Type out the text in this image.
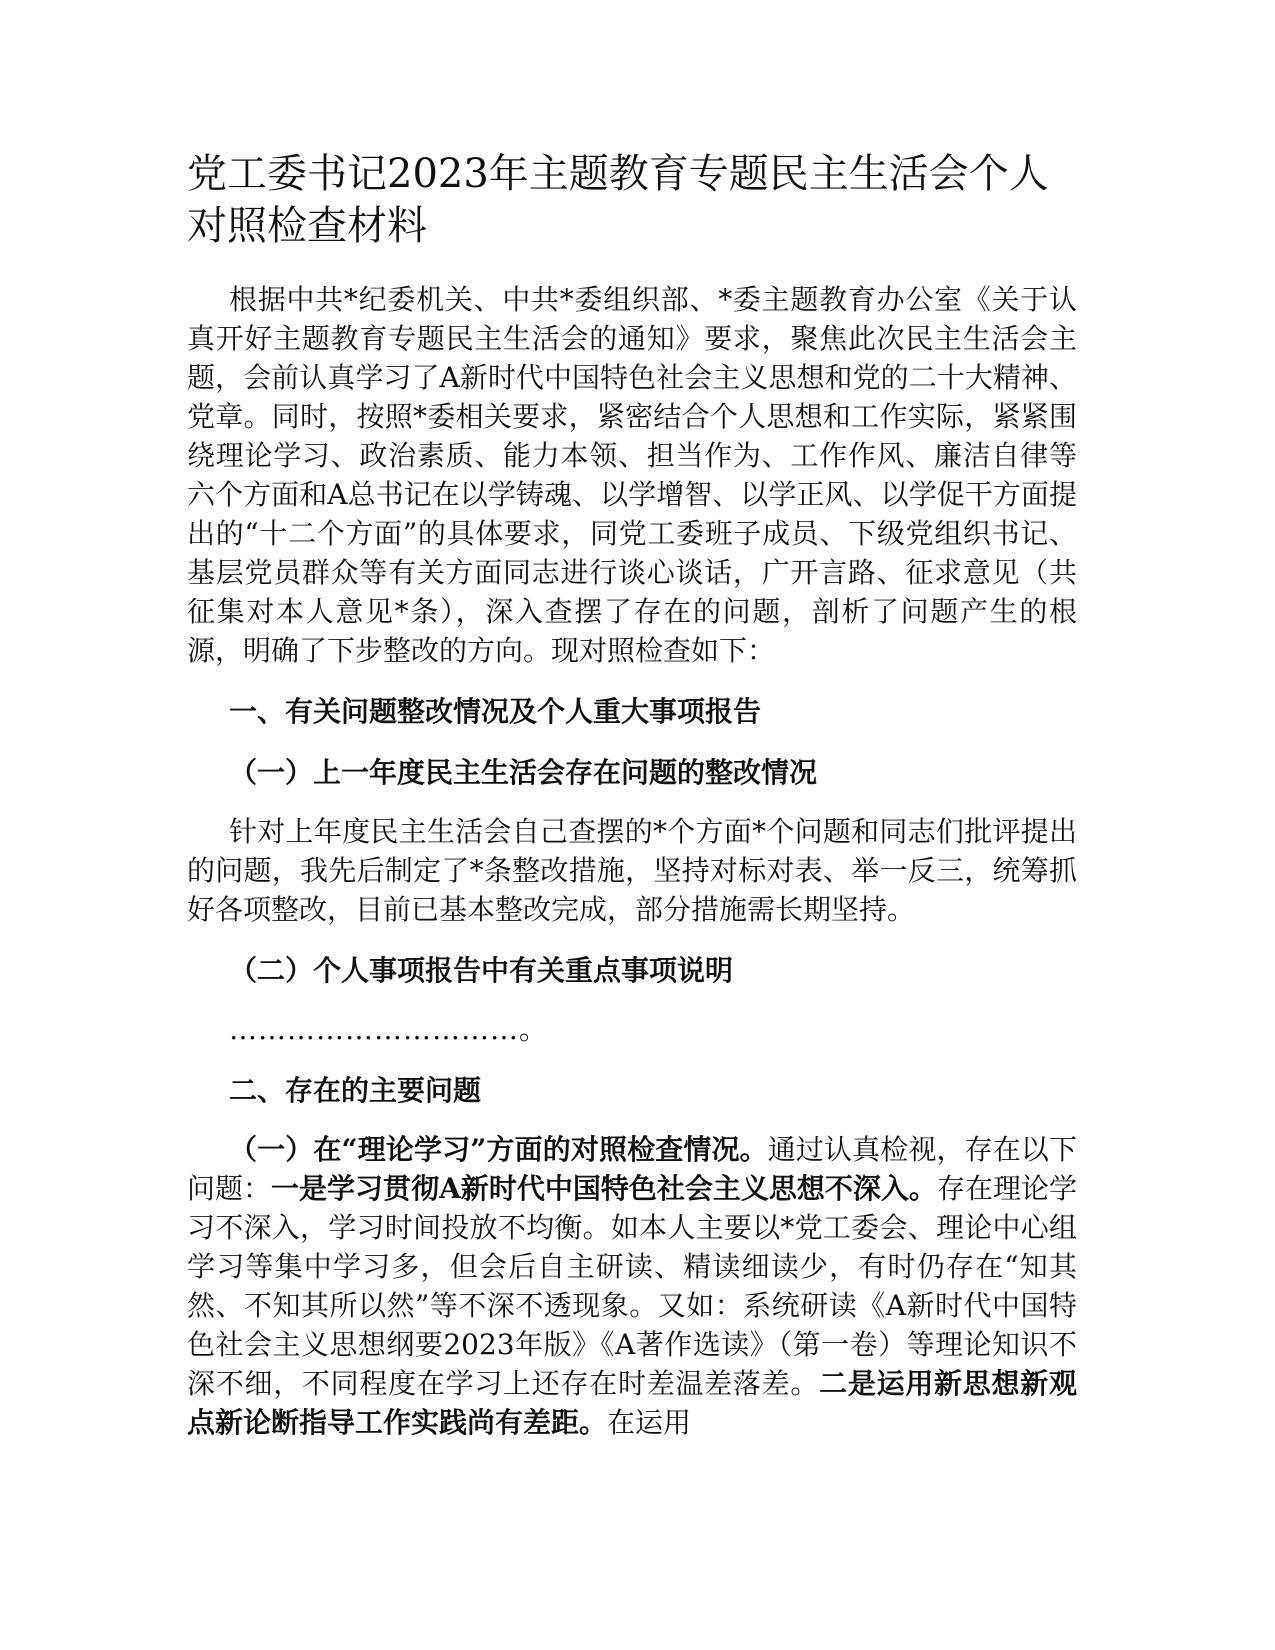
党工委书记2023年主题教育专题民主生活会个人对照检查材料

根据中共*纪委机关、中共*委组织部、*委主题教育办公室《关于认真开好主题教育专题民主生活会的通知》要求，聚焦此次民主生活会主题，会前认真学习了A新时代中国特色社会主义思想和党的二十大精神、党章。同时，按照*委相关要求，紧密结合个人思想和工作实际，紧紧围绕理论学习、政治素质、能力本领、担当作为、工作作风、廉洁自律等六个方面和A总书记在以学铸魂、以学增智、以学正风、以学促干方面提出的“十二个方面”的具体要求，同党工委班子成员、下级党组织书记、基层党员群众等有关方面同志进行谈心谈话，广开言路、征求意见（共征集对本人意见*条），深入查摆了存在的问题，剖析了问题产生的根源，明确了下步整改的方向。现对照检查如下：

一、有关问题整改情况及个人重大事项报告

（一）上一年度民主生活会存在问题的整改情况

针对上年度民主生活会自己查摆的*个方面*个问题和同志们批评提出的问题，我先后制定了*条整改措施，坚持对标对表、举一反三，统筹抓好各项整改，目前已基本整改完成，部分措施需长期坚持。

（二）个人事项报告中有关重点事项说明

…………………………。

二、存在的主要问题

（一）在“理论学习”方面的对照检查情况。通过认真检视，存在以下问题：一是学习贯彻A新时代中国特色社会主义思想不深入。存在理论学习不深入，学习时间投放不均衡。如本人主要以*党工委会、理论中心组学习等集中学习多，但会后自主研读、精读细读少，有时仍存在“知其然、不知其所以然”等不深不透现象。又如：系统研读《A新时代中国特色社会主义思想纲要2023年版》《A著作选读》（第一卷）等理论知识不深不细，不同程度在学习上还存在时差温差落差。二是运用新思想新观点新论断指导工作实践尚有差距。在运用
